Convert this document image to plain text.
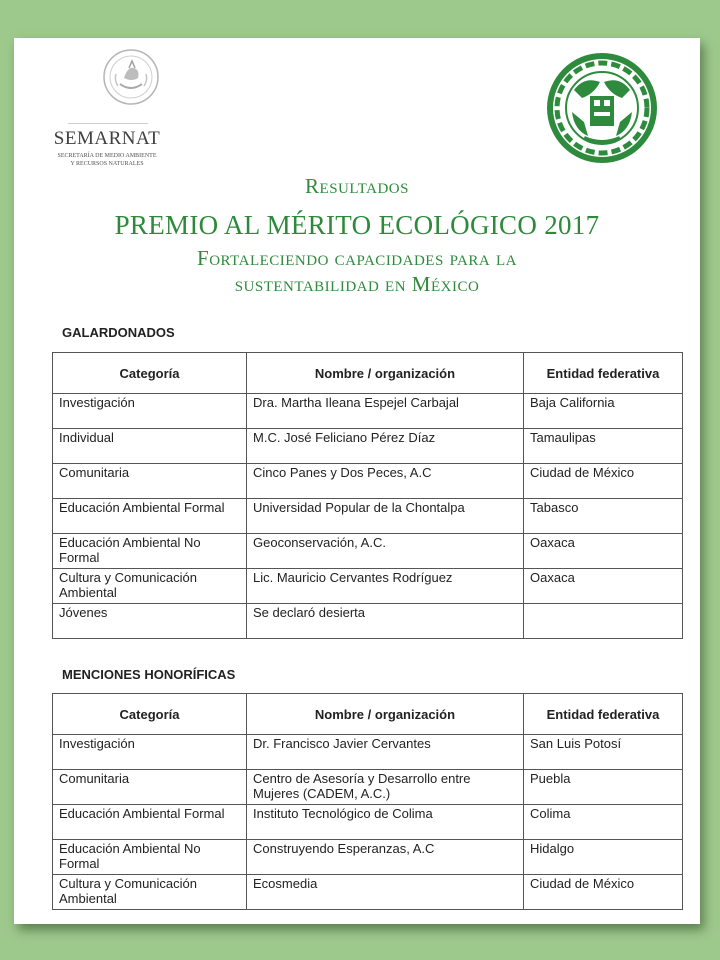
SEMARNAT
SECRETARÍA DE MEDIO AMBIENTE
Y RECURSOS NATURALES
Resultados
PREMIO AL MÉRITO ECOLÓGICO 2017
Fortaleciendo capacidades para la
sustentabilidad en México
GALARDONADOS
Categoría	Nombre / organización	Entidad federativa
Investigación	Dra. Martha Ileana Espejel Carbajal	Baja California
Individual	M.C. José Feliciano Pérez Díaz	Tamaulipas
Comunitaria	Cinco Panes y Dos Peces, A.C	Ciudad de México
Educación Ambiental Formal	Universidad Popular de la Chontalpa	Tabasco
Educación Ambiental No Formal	Geoconservación, A.C.	Oaxaca
Cultura y Comunicación Ambiental	Lic. Mauricio Cervantes Rodríguez	Oaxaca
Jóvenes	Se declaró desierta	
MENCIONES HONORÍFICAS
Categoría	Nombre / organización	Entidad federativa
Investigación	Dr. Francisco Javier Cervantes	San Luis Potosí
Comunitaria	Centro de Asesoría y Desarrollo entre Mujeres (CADEM, A.C.)	Puebla
Educación Ambiental Formal	Instituto Tecnológico de Colima	Colima
Educación Ambiental No Formal	Construyendo Esperanzas, A.C	Hidalgo
Cultura y Comunicación Ambiental	Ecosmedia	Ciudad de México
